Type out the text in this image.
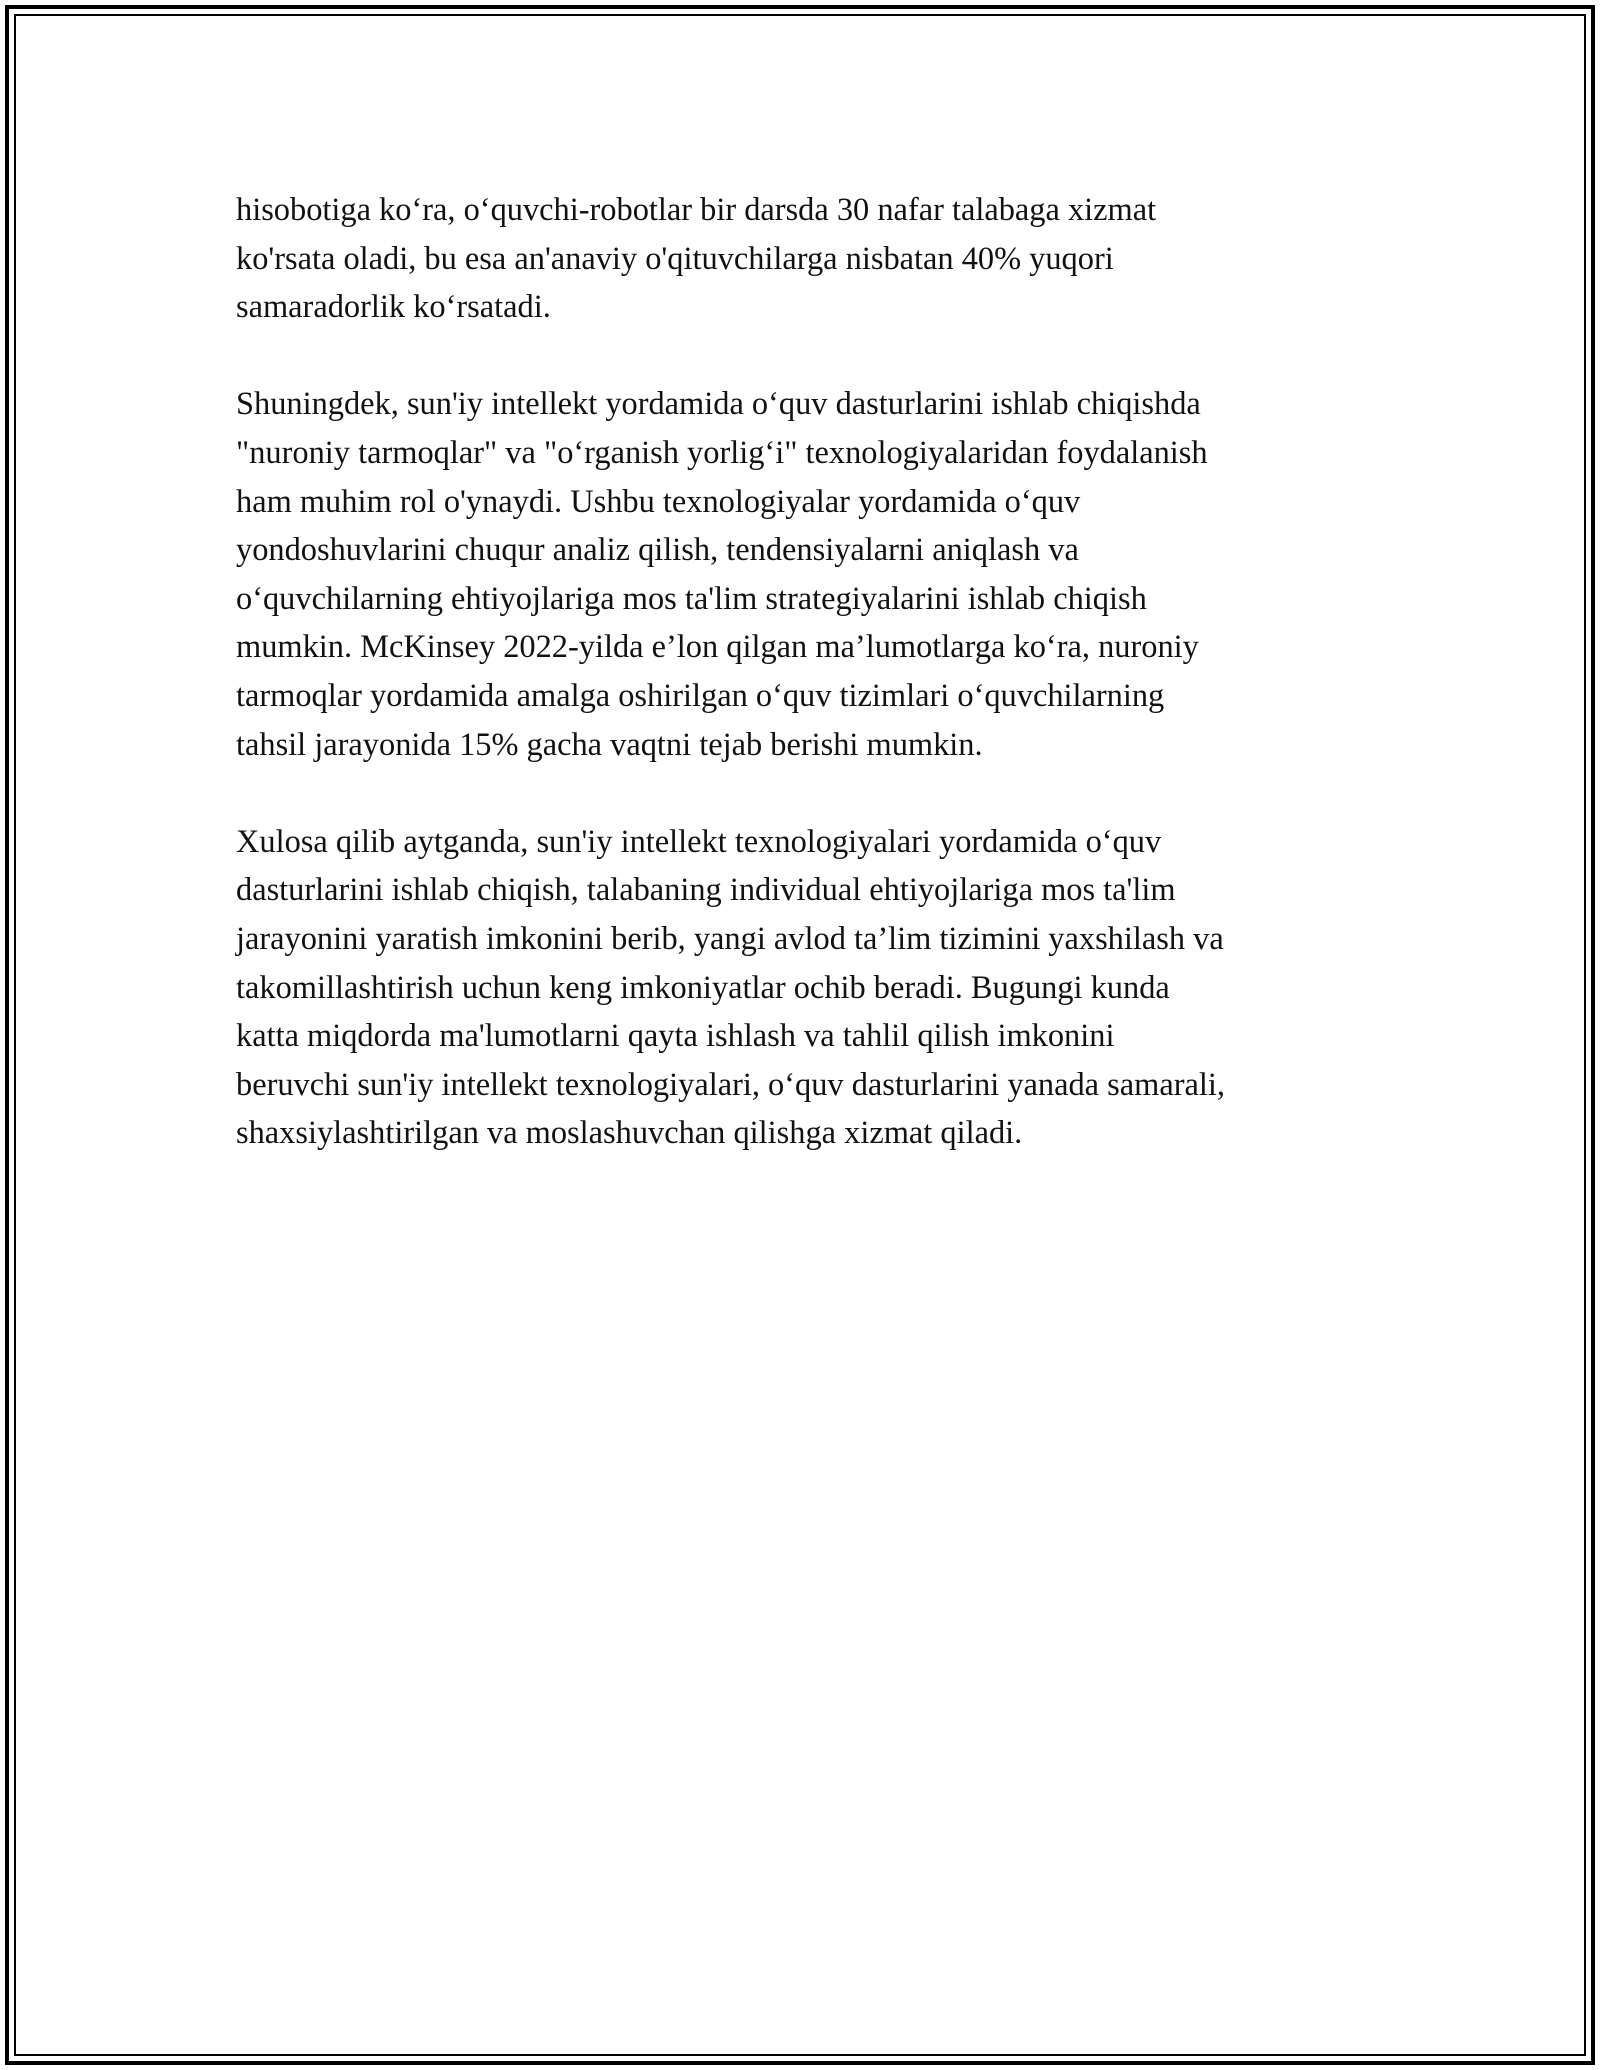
hisobotiga ko‘ra, o‘quvchi-robotlar bir darsda 30 nafar talabaga xizmat
ko'rsata oladi, bu esa an'anaviy o'qituvchilarga nisbatan 40% yuqori
samaradorlik ko‘rsatadi.
Shuningdek, sun'iy intellekt yordamida o‘quv dasturlarini ishlab chiqishda
"nuroniy tarmoqlar" va "o‘rganish yorlig‘i" texnologiyalaridan foydalanish
ham muhim rol o'ynaydi. Ushbu texnologiyalar yordamida o‘quv
yondoshuvlarini chuqur analiz qilish, tendensiyalarni aniqlash va
o‘quvchilarning ehtiyojlariga mos ta'lim strategiyalarini ishlab chiqish
mumkin. McKinsey 2022-yilda e’lon qilgan ma’lumotlarga ko‘ra, nuroniy
tarmoqlar yordamida amalga oshirilgan o‘quv tizimlari o‘quvchilarning
tahsil jarayonida 15% gacha vaqtni tejab berishi mumkin.
Xulosa qilib aytganda, sun'iy intellekt texnologiyalari yordamida o‘quv
dasturlarini ishlab chiqish, talabaning individual ehtiyojlariga mos ta'lim
jarayonini yaratish imkonini berib, yangi avlod ta’lim tizimini yaxshilash va
takomillashtirish uchun keng imkoniyatlar ochib beradi. Bugungi kunda
katta miqdorda ma'lumotlarni qayta ishlash va tahlil qilish imkonini
beruvchi sun'iy intellekt texnologiyalari, o‘quv dasturlarini yanada samarali,
shaxsiylashtirilgan va moslashuvchan qilishga xizmat qiladi.
